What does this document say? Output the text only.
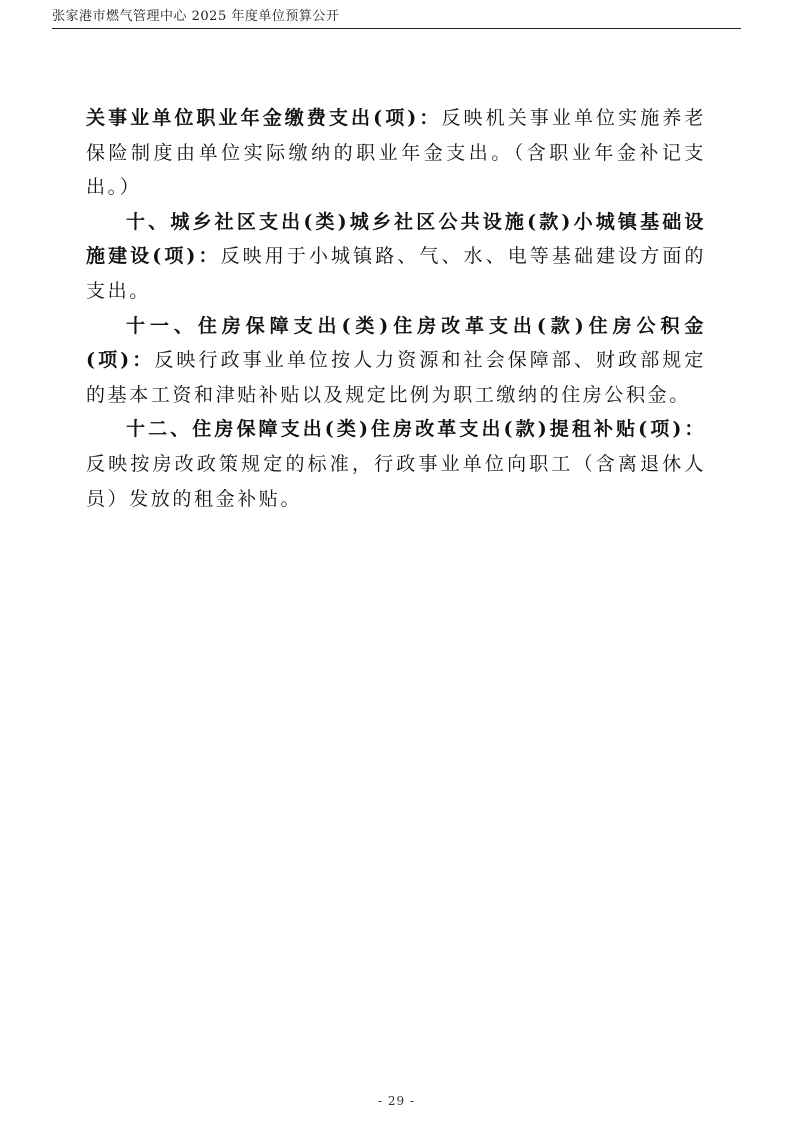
张家港市燃气管理中心 2025 年度单位预算公开

关事业单位职业年金缴费支出(项)：反映机关事业单位实施养老保险制度由单位实际缴纳的职业年金支出。（含职业年金补记支出。）

十、城乡社区支出(类)城乡社区公共设施(款)小城镇基础设施建设(项)：反映用于小城镇路、气、水、电等基础建设方面的支出。

十一、住房保障支出(类)住房改革支出(款)住房公积金(项)：反映行政事业单位按人力资源和社会保障部、财政部规定的基本工资和津贴补贴以及规定比例为职工缴纳的住房公积金。

十二、住房保障支出(类)住房改革支出(款)提租补贴(项)：反映按房改政策规定的标准，行政事业单位向职工（含离退休人员）发放的租金补贴。

- 29 -
